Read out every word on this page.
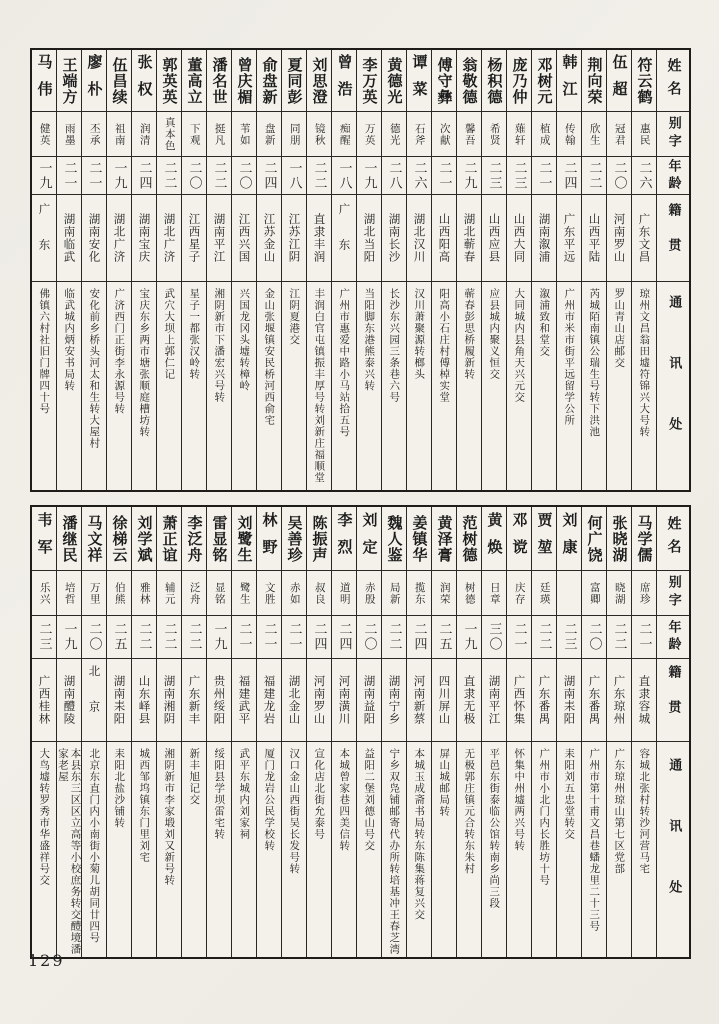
姓名
别字
年龄
籍贯
通讯处
符云鹤
惠民
二六
广东文昌
琼州文昌翁田墟符锦兴大号转
伍超
冠君
二〇
河南罗山
罗山青山店邮交
荆向荣
欣生
二二
山西平陆
芮城陌南镇公瑞生号转下洪池
韩江
传翰
二四
广东平远
广州市米市街平远留学公所
邓树元
植成
二一
湖南溆浦
溆浦致和堂交
庞乃仲
薙轩
二三
山西大同
大同城内县角天兴元交
杨积德
希贤
二三
山西应县
应县城内聚义恒交
翁敬德
馨吾
二九
湖北蕲春
蕲春彭思桥履新转
傅守彝
次献
二一
山西阳高
阳高小石庄村傅棹实堂
谭菜
石斧
二六
湖北汉川
汉川萧聚源转榔头
黄德光
德光
二八
湖南长沙
长沙东兴园三条巷六号
李万英
万英
一九
湖北当阳
当阳脚东港熊泰兴转
曾浩
痴醒
一八
广东
广州市惠爱中路小马站拾五号
刘思澄
镜秋
二二
直隶丰润
丰润白官屯镇振丰厚号转刘新庄福顺堂
夏同彭
同朋
一八
江苏江阴
江阴夏港交
俞盘新
盘新
二四
江苏金山
金山张堰镇安民桥河西俞宅
曾庆楣
苇如
二〇
江西兴国
兴国龙冈头墟转樟岭
潘名世
挺凡
二二
湖南平江
湘阴新市下潘宏兴号转
董高立
下观
二〇
江西星子
星子一都张汉岭转
郭英英
真本色
二二
湖北广济
武穴大坝上郭仁记
张权
润清
二四
湖南宝庆
宝庆东乡两市塘张顺庭槽坊转
伍昌续
祖南
一九
湖北广济
广济西门正街李永源号转
廖朴
丕承
二一
湖南安化
安化前乡桥头河太和生转大屋村
王端方
雨墨
二一
湖南临武
临武城内炳安书局转
马伟
健英
一九
广东
佛镇六村社旧门牌四十号
姓名
别字
年龄
籍贯
通讯处
马学儒
席珍
二一
直隶容城
容城北张村转沙河营马宅
张晓湖
晓湖
二二
广东琼州
广东琼州琼山第七区党部
何广饶
富卿
二〇
广东番禺
广州市第十甫文昌巷蟠龙里二十三号
刘康
二三
湖南耒阳
耒阳刘五忠堂转交
贾堃
廷瑛
二二
广东番禺
广州市小北门内长胜坊十号
邓谠
庆存
二一
广西怀集
怀集中州墟两兴号转
黄焕
日章
三〇
湖南平江
平邑东街泰临公馆转南乡尚三段
范树德
树德
一九
直隶无极
无极郭庄镇元合转东朱村
黄泽膏
润荣
二五
四川屏山
屏山城邮局转
姜镇华
揽东
二四
河南新蔡
本城玉成斋书局转东陈集蒋复兴交
魏人鉴
局新
二二
湖南宁乡
宁乡双凫铺邮寄代办所转培基冲王春芝湾
刘定
赤殷
二〇
湖南益阳
益阳二堡刘德山号交
李烈
道明
二四
河南潢川
本城曾家巷四美信转
陈振声
叔良
二四
河南罗山
宣化店北街允泰号
吴善珍
赤如
二一
湖北金山
汉口金山西街吴长发号转
林野
文胜
二一
福建龙岩
厦门龙岩公民学校转
刘鹭生
鹭生
二一
福建武平
武平东城内刘家祠
雷显铭
显铭
一九
贵州绥阳
绥阳县学坝雷宅转
李泛舟
泛舟
二二
广东新丰
新丰旭记交
萧正谊
辅元
二二
湖南湘阴
湘阴新市李家塅刘又新号转
刘学斌
雅林
二二
山东峄县
城西邹坞镇东门里刘宅
徐梯云
伯熊
二五
湖南耒阳
耒阳北盐沙铺转
马文祥
万里
二〇
北京
北京东直门内小南街小菊儿胡同廿四号
潘继民
培哲
一九
湖南醴陵
本县东三区区立高等小校庶务转交醴境潘家老屋
韦军
乐兴
二三
广西桂林
大鸟墟转罗秀市华盛祥号交
129
